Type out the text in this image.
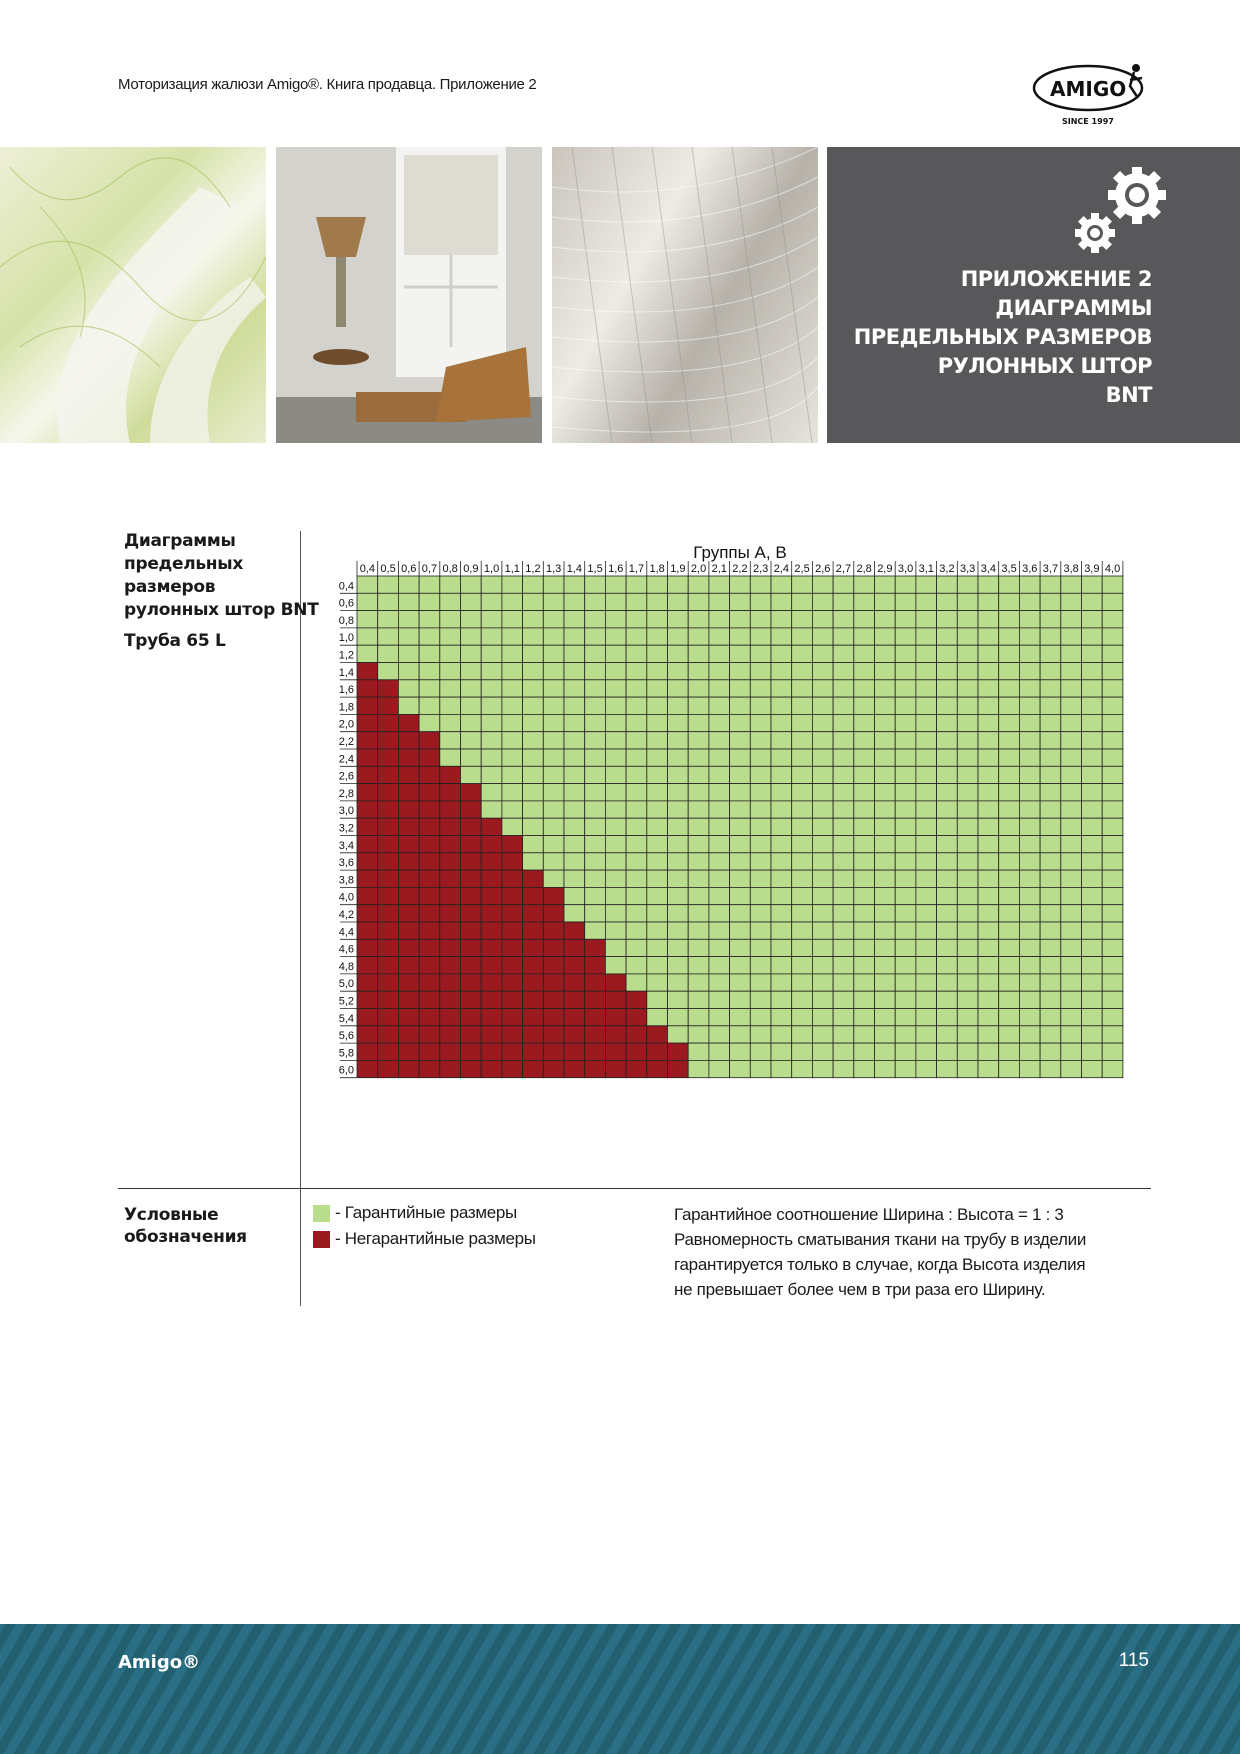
Моторизация жалюзи Amigo®. Книга продавца. Приложение 2	AMIGO
SINCE 1997
ПРИЛОЖЕНИЕ 2
ДИАГРАММЫ
ПРЕДЕЛЬНЫХ РАЗМЕРОВ
РУЛОННЫХ ШТОР
BNT
Диаграммы
предельных
размеров
рулонных штор BNT
Труба 65 L
Группы А, В
0,4
0,6
0,8
1,0
1,2
1,4
1,6
1,8
2,0
2,2
2,4
2,6
2,8
3,0
3,2
3,4
3,6
3,8
4,0
4,2
4,4
4,6
4,8
5,0
5,2
5,4
5,6
5,8
6,0
0,4 0,5 0,6 0,7 0,8 0,9 1,0 1,1 1,2 1,3 1,4 1,5 1,6 1,7 1,8 1,9 2,0 2,1 2,2 2,3 2,4 2,5 2,6 2,7 2,8 2,9 3,0 3,1 3,2 3,3 3,4 3,5 3,6 3,7 3,8 3,9 4,0
Условные
обозначения
- Гарантийные размеры
- Негарантийные размеры
Гарантийное соотношение Ширина : Высота = 1 : 3
Равномерность сматывания ткани на трубу в изделии
гарантируется только в случае, когда Высота изделия
не превышает более чем в три раза его Ширину.
Amigo®	115
